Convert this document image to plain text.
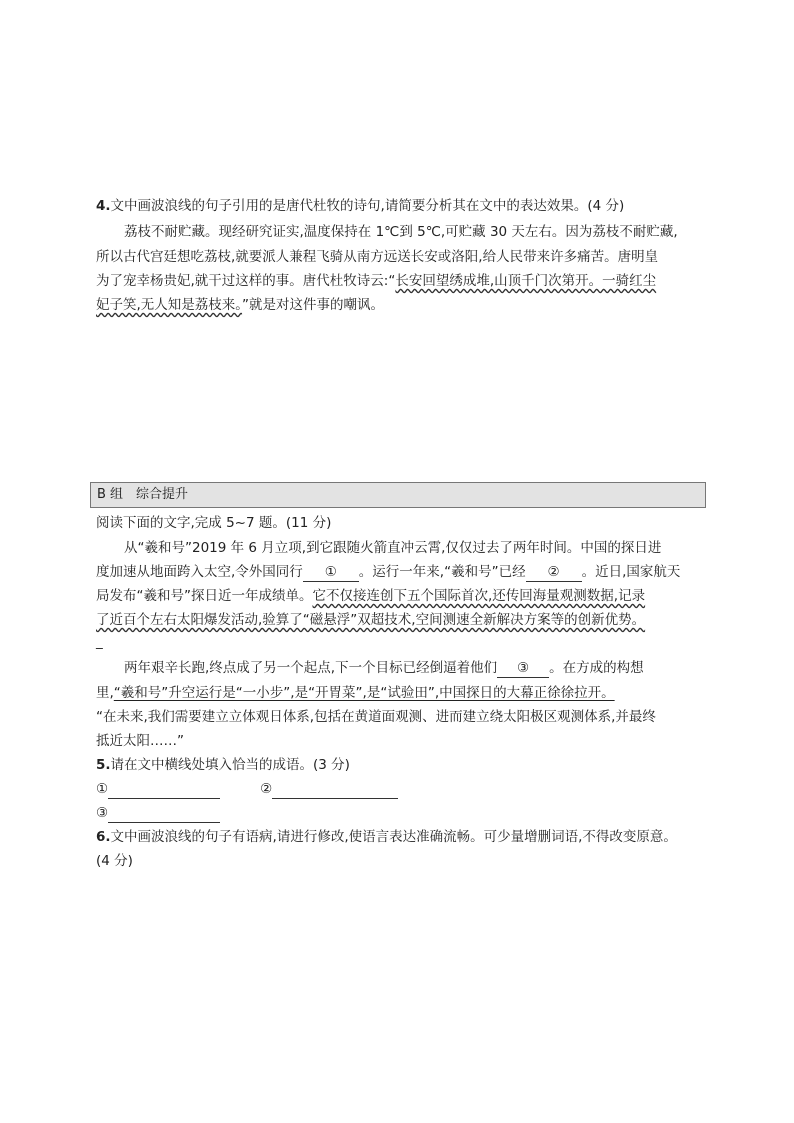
4.文中画波浪线的句子引用的是唐代杜牧的诗句,请简要分析其在文中的表达效果。(4 分)
荔枝不耐贮藏。现经研究证实,温度保持在 1℃到 5℃,可贮藏 30 天左右。因为荔枝不耐贮藏,
所以古代宫廷想吃荔枝,就要派人兼程飞骑从南方远送长安或洛阳,给人民带来许多痛苦。唐明皇
为了宠幸杨贵妃,就干过这样的事。唐代杜牧诗云:“长安回望绣成堆,山顶千门次第开。一骑红尘
妃子笑,无人知是荔枝来。”就是对这件事的嘲讽。
B 组　综合提升
阅读下面的文字,完成 5~7 题。(11 分)
从“羲和号”2019 年 6 月立项,到它跟随火箭直冲云霄,仅仅过去了两年时间。中国的探日进
度加速从地面跨入太空,令外国同行 ① 。运行一年来,“羲和号”已经 ② 。近日,国家航天
局发布“羲和号”探日近一年成绩单。它不仅接连创下五个国际首次,还传回海量观测数据,记录
了近百个左右太阳爆发活动,验算了“磁悬浮”双超技术,空间测速全新解决方案等的创新优势。
_
两年艰辛长跑,终点成了另一个起点,下一个目标已经倒逼着他们 ③ 。在方成的构想
里,“羲和号”升空运行是“一小步”,是“开胃菜”,是“试验田”,中国探日的大幕正徐徐拉开。
“在未来,我们需要建立立体观日体系,包括在黄道面观测、进而建立绕太阳极区观测体系,并最终
抵近太阳……”
5.请在文中横线处填入恰当的成语。(3 分)
①	②
③
6.文中画波浪线的句子有语病,请进行修改,使语言表达准确流畅。可少量增删词语,不得改变原意。
(4 分)
